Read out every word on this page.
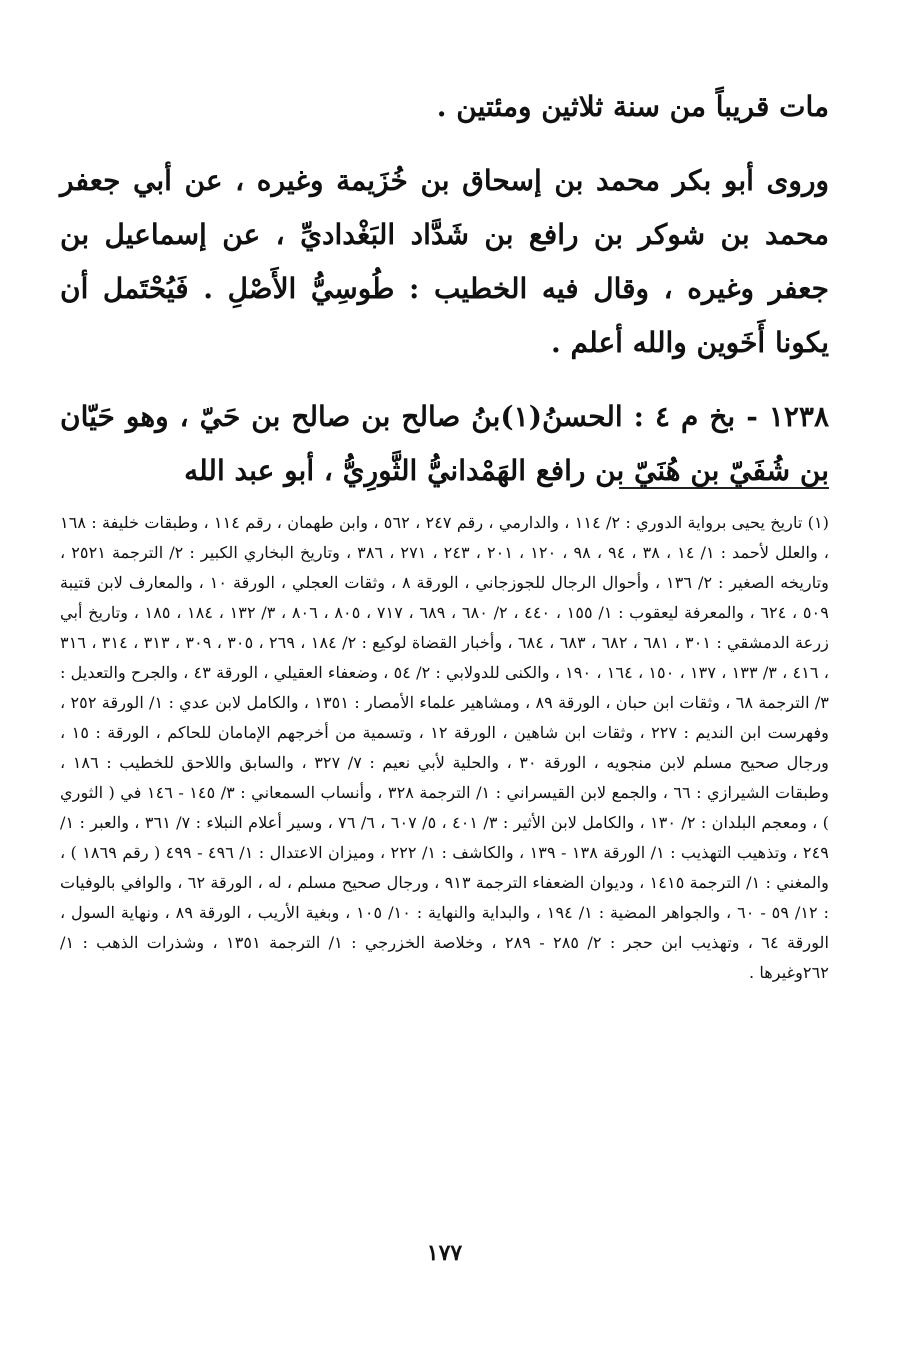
مات قريباً من سنة ثلاثين ومئتين .

وروى أبو بكر محمد بن إسحاق بن خُزَيمة وغيره ، عن أبي جعفر محمد بن شوكر بن رافع بن شَدَّاد البَغْداديِّ ، عن إسماعيل بن جعفر وغيره ، وقال فيه الخطيب : طُوسِيُّ الأَصْلِ . فَيُحْتَمل أن يكونا أَخَوين والله أعلم .

١٢٣٨ - بخ م ٤ : الحسنُ(١)بنُ صالح بن صالح بن حَيّ ، وهو حَيّان بن شُفَيّ بن هُنَيّ بن رافع الهَمْدانيُّ الثَّورِيُّ ، أبو عبد الله

(١) تاريخ يحيى برواية الدوري : ٢/ ١١٤ ، والدارمي ، رقم ٢٤٧ ، ٥٦٢ ، وابن طهمان ، رقم ١١٤ ، وطبقات خليفة : ١٦٨ ، والعلل لأحمد : ١/ ١٤ ، ٣٨ ، ٩٤ ، ٩٨ ، ١٢٠ ، ٢٠١ ، ٢٤٣ ، ٢٧١ ، ٣٨٦ ، وتاريخ البخاري الكبير : ٢/ الترجمة ٢٥٢١ ، وتاريخه الصغير : ٢/ ١٣٦ ، وأحوال الرجال للجوزجاني ، الورقة ٨ ، وثقات العجلي ، الورقة ١٠ ، والمعارف لابن قتيبة ٥٠٩ ، ٦٢٤ ، والمعرفة ليعقوب : ١/ ١٥٥ ، ٤٤٠ ، ٢/ ٦٨٠ ، ٦٨٩ ، ٧١٧ ، ٨٠٥ ، ٨٠٦ ، ٣/ ١٣٢ ، ١٨٤ ، ١٨٥ ، وتاريخ أبي زرعة الدمشقي : ٣٠١ ، ٦٨١ ، ٦٨٢ ، ٦٨٣ ، ٦٨٤ ، وأخبار القضاة لوكيع : ٢/ ١٨٤ ، ٢٦٩ ، ٣٠٥ ، ٣٠٩ ، ٣١٣ ، ٣١٤ ، ٣١٦ ، ٤١٦ ، ٣/ ١٣٣ ، ١٣٧ ، ١٥٠ ، ١٦٤ ، ١٩٠ ، والكنى للدولابي : ٢/ ٥٤ ، وضعفاء العقيلي ، الورقة ٤٣ ، والجرح والتعديل : ٣/ الترجمة ٦٨ ، وثقات ابن حبان ، الورقة ٨٩ ، ومشاهير علماء الأمصار : ١٣٥١ ، والكامل لابن عدي : ١/ الورقة ٢٥٢ ، وفهرست ابن النديم : ٢٢٧ ، وثقات ابن شاهين ، الورقة ١٢ ، وتسمية من أخرجهم الإمامان للحاكم ، الورقة : ١٥ ، ورجال صحيح مسلم لابن منجويه ، الورقة ٣٠ ، والحلية لأبي نعيم : ٧/ ٣٢٧ ، والسابق واللاحق للخطيب : ١٨٦ ، وطبقات الشيرازي : ٦٦ ، والجمع لابن القيسراني : ١/ الترجمة ٣٢٨ ، وأنساب السمعاني : ٣/ ١٤٥ - ١٤٦ في ( الثوري ) ، ومعجم البلدان : ٢/ ١٣٠ ، والكامل لابن الأثير : ٣/ ٤٠١ ، ٥/ ٦٠٧ ، ٦/ ٧٦ ، وسير أعلام النبلاء : ٧/ ٣٦١ ، والعبر : ١/ ٢٤٩ ، وتذهيب التهذيب : ١/ الورقة ١٣٨ - ١٣٩ ، والكاشف : ١/ ٢٢٢ ، وميزان الاعتدال : ١/ ٤٩٦ - ٤٩٩ ( رقم ١٨٦٩ ) ، والمغني : ١/ الترجمة ١٤١٥ ، وديوان الضعفاء الترجمة ٩١٣ ، ورجال صحيح مسلم ، له ، الورقة ٦٢ ، والوافي بالوفيات : ١٢/ ٥٩ - ٦٠ ، والجواهر المضية : ١/ ١٩٤ ، والبداية والنهاية : ١٠/ ١٠٥ ، وبغية الأريب ، الورقة ٨٩ ، ونهاية السول ، الورقة ٦٤ ، وتهذيب ابن حجر : ٢/ ٢٨٥ - ٢٨٩ ، وخلاصة الخزرجي : ١/ الترجمة ١٣٥١ ، وشذرات الذهب : ١/ ٢٦٢وغيرها .

١٧٧
